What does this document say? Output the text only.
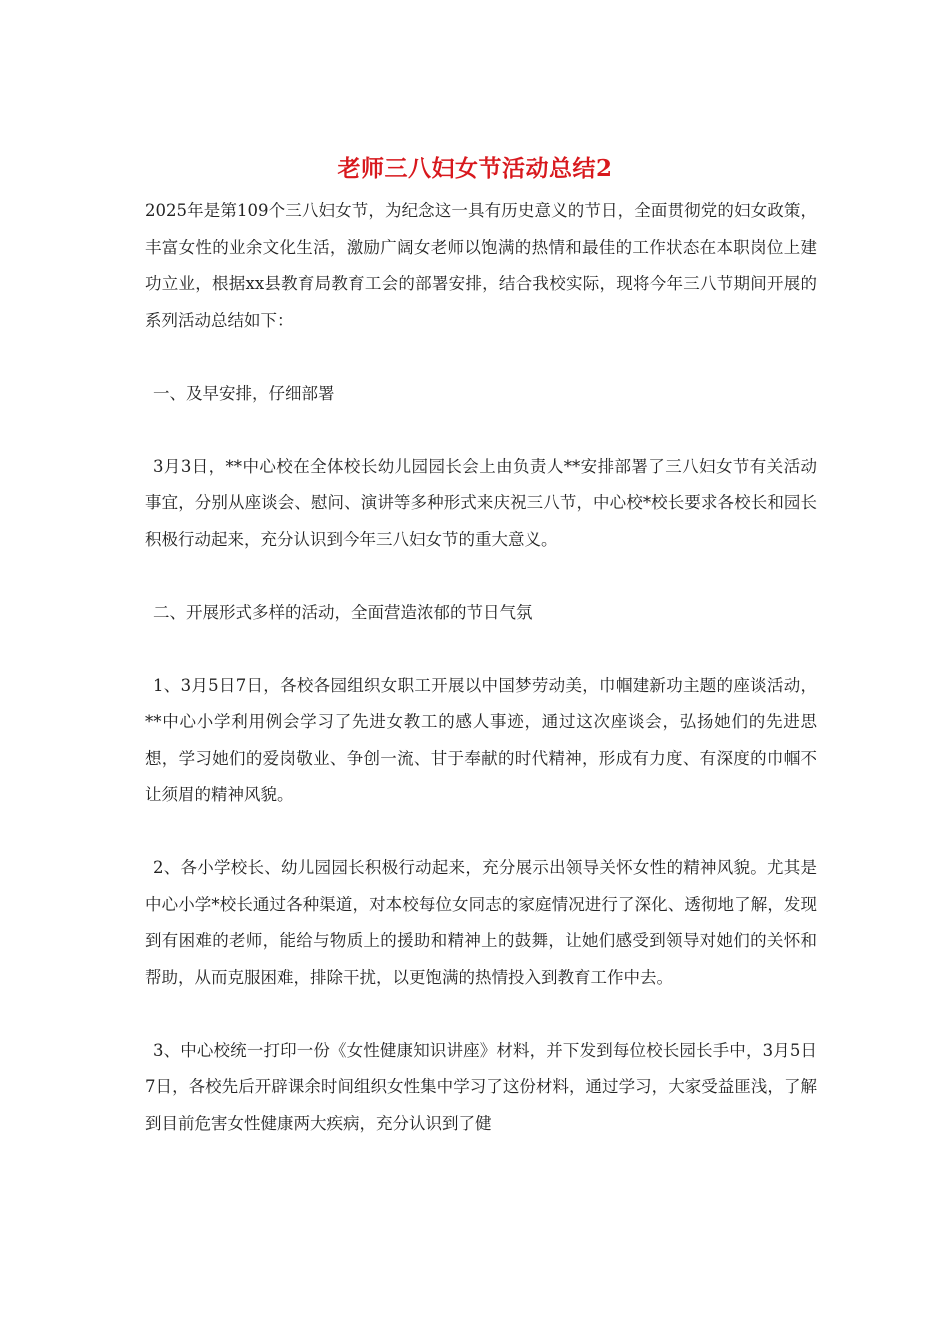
老师三八妇女节活动总结2

2025年是第109个三八妇女节，为纪念这一具有历史意义的节日，全面贯彻党的妇女政策，丰富女性的业余文化生活，激励广阔女老师以饱满的热情和最佳的工作状态在本职岗位上建功立业，根据xx县教育局教育工会的部署安排，结合我校实际，现将今年三八节期间开展的系列活动总结如下：

一、及早安排，仔细部署

3月3日，**中心校在全体校长幼儿园园长会上由负责人**安排部署了三八妇女节有关活动事宜，分别从座谈会、慰问、演讲等多种形式来庆祝三八节，中心校*校长要求各校长和园长积极行动起来，充分认识到今年三八妇女节的重大意义。

二、开展形式多样的活动，全面营造浓郁的节日气氛

1、3月5日7日，各校各园组织女职工开展以中国梦劳动美，巾帼建新功主题的座谈活动，**中心小学利用例会学习了先进女教工的感人事迹，通过这次座谈会，弘扬她们的先进思想，学习她们的爱岗敬业、争创一流、甘于奉献的时代精神，形成有力度、有深度的巾帼不让须眉的精神风貌。

2、各小学校长、幼儿园园长积极行动起来，充分展示出领导关怀女性的精神风貌。尤其是中心小学*校长通过各种渠道，对本校每位女同志的家庭情况进行了深化、透彻地了解，发现到有困难的老师，能给与物质上的援助和精神上的鼓舞，让她们感受到领导对她们的关怀和帮助，从而克服困难，排除干扰，以更饱满的热情投入到教育工作中去。

3、中心校统一打印一份《女性健康知识讲座》材料，并下发到每位校长园长手中，3月5日7日，各校先后开辟课余时间组织女性集中学习了这份材料，通过学习，大家受益匪浅，了解到目前危害女性健康两大疾病，充分认识到了健
